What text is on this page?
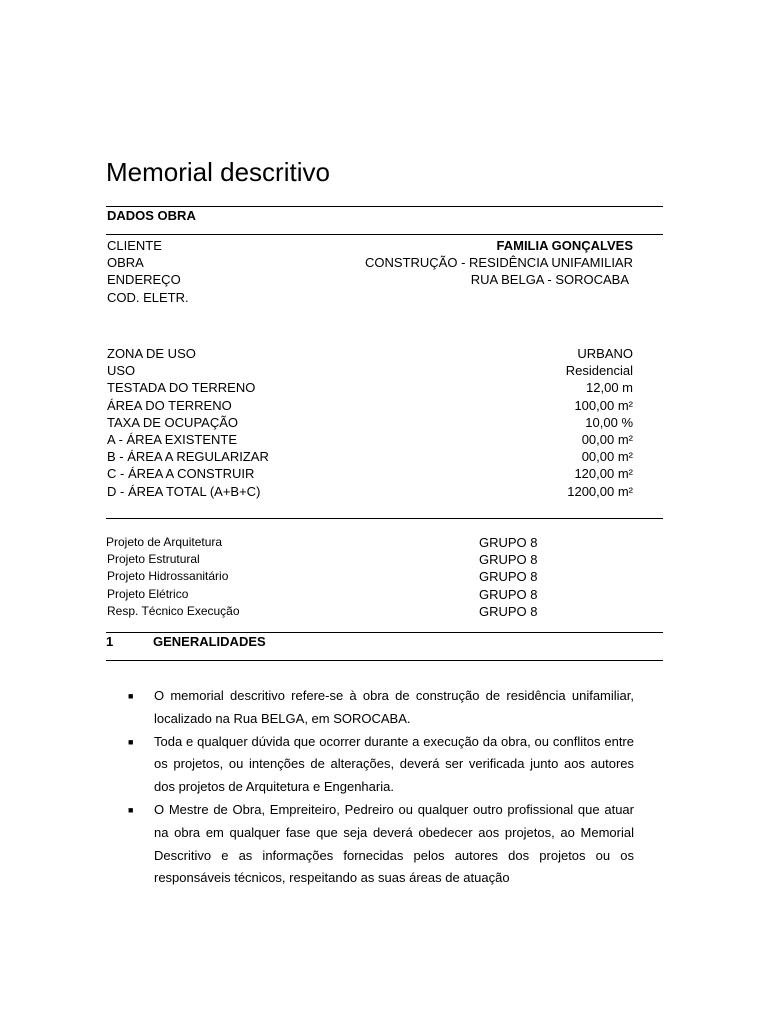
Memorial descritivo
DADOS OBRA
CLIENTE	FAMILIA GONÇALVES
OBRA	CONSTRUÇÃO - RESIDÊNCIA UNIFAMILIAR
ENDEREÇO	RUA BELGA - SOROCABA
COD. ELETR.
ZONA DE USO	URBANO
USO	Residencial
TESTADA DO TERRENO	12,00 m
ÁREA DO TERRENO	100,00 m²
TAXA DE OCUPAÇÃO	10,00 %
A - ÁREA EXISTENTE	00,00 m²
B - ÁREA A REGULARIZAR	00,00 m²
C - ÁREA A CONSTRUIR	120,00 m²
D - ÁREA TOTAL (A+B+C)	1200,00 m²
Projeto de Arquitetura	GRUPO 8
Projeto Estrutural	GRUPO 8
Projeto Hidrossanitário	GRUPO 8
Projeto Elétrico	GRUPO 8
Resp. Técnico Execução	GRUPO 8
1	GENERALIDADES
■ O memorial descritivo refere-se à obra de construção de residência unifamiliar, localizado na Rua BELGA, em SOROCABA.
■ Toda e qualquer dúvida que ocorrer durante a execução da obra, ou conflitos entre os projetos, ou intenções de alterações, deverá ser verificada junto aos autores dos projetos de Arquitetura e Engenharia.
■ O Mestre de Obra, Empreiteiro, Pedreiro ou qualquer outro profissional que atuar na obra em qualquer fase que seja deverá obedecer aos projetos, ao Memorial Descritivo e as informações fornecidas pelos autores dos projetos ou os responsáveis técnicos, respeitando as suas áreas de atuação
